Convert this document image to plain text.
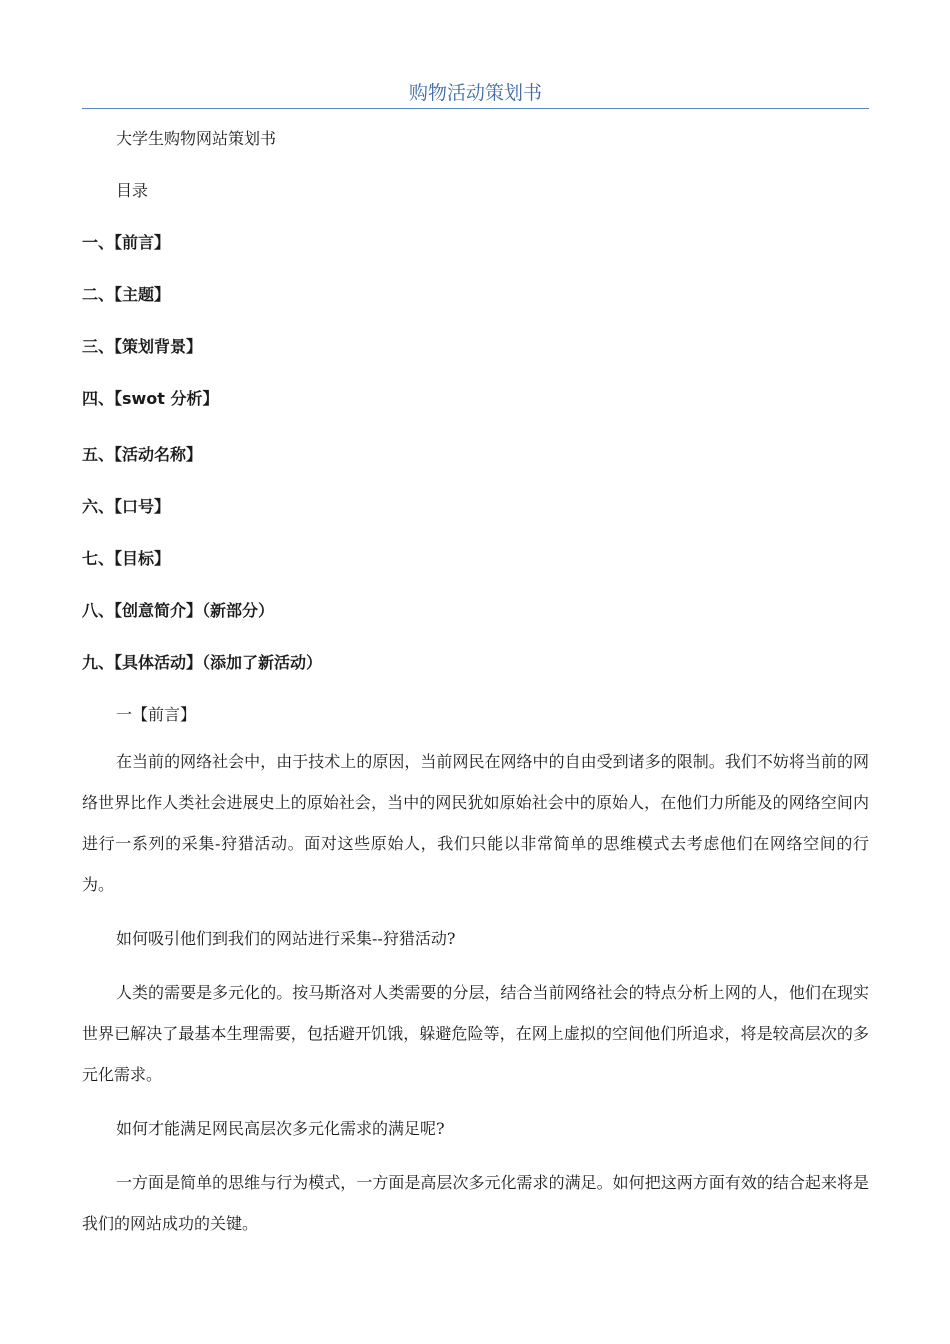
购物活动策划书

大学生购物网站策划书

目录

一、【前言】

二、【主题】

三、【策划背景】

四、【swot 分析】

五、【活动名称】

六、【口号】

七、【目标】

八、【创意简介】（新部分）

九、【具体活动】（添加了新活动）

一【前言】

在当前的网络社会中，由于技术上的原因，当前网民在网络中的自由受到诸多的限制。我们不妨将当前的网络世界比作人类社会进展史上的原始社会，当中的网民犹如原始社会中的原始人，在他们力所能及的网络空间内进行一系列的采集-狩猎活动。面对这些原始人，我们只能以非常简单的思维模式去考虑他们在网络空间的行为。

如何吸引他们到我们的网站进行采集--狩猎活动?

人类的需要是多元化的。按马斯洛对人类需要的分层，结合当前网络社会的特点分析上网的人，他们在现实世界已解决了最基本生理需要，包括避开饥饿，躲避危险等，在网上虚拟的空间他们所追求，将是较高层次的多元化需求。

如何才能满足网民高层次多元化需求的满足呢?

一方面是简单的思维与行为模式，一方面是高层次多元化需求的满足。如何把这两方面有效的结合起来将是我们的网站成功的关键。
